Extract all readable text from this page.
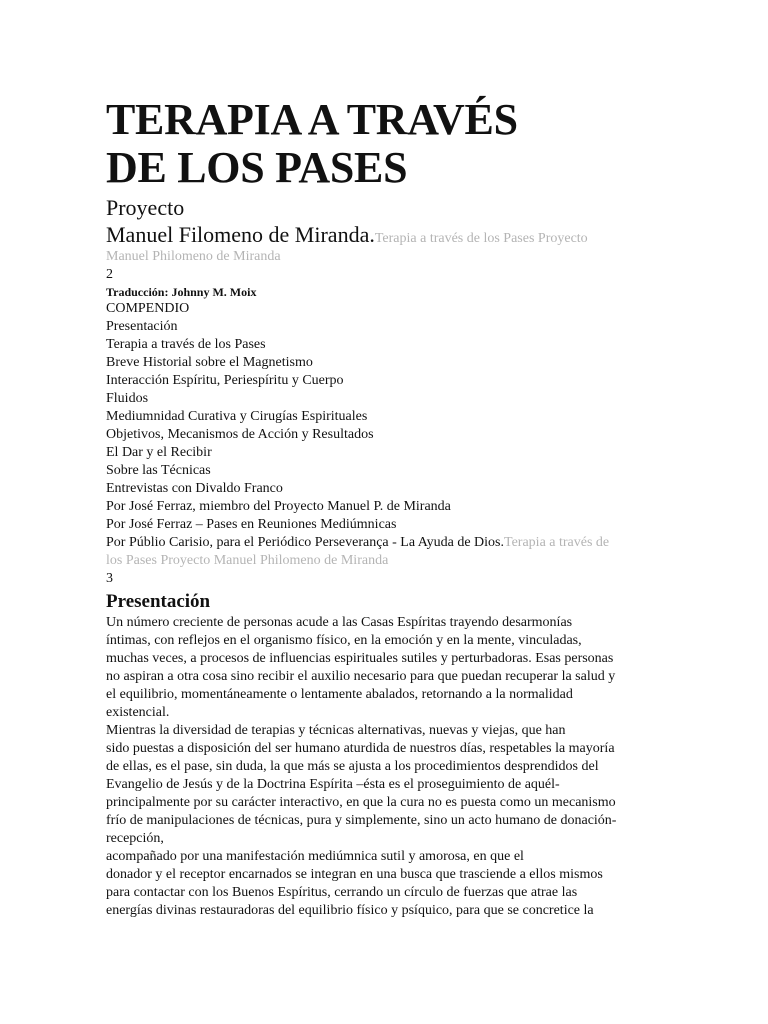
TERAPIA A TRAVÉS
DE LOS PASES
Proyecto
Manuel Filomeno de Miranda.Terapia a través de los Pases Proyecto
Manuel Philomeno de Miranda
2
Traducción: Johnny M. Moix
COMPENDIO
Presentación
Terapia a través de los Pases
Breve Historial sobre el Magnetismo
Interacción Espíritu, Periespíritu y Cuerpo
Fluidos
Mediumnidad Curativa y Cirugías Espirituales
Objetivos, Mecanismos de Acción y Resultados
El Dar y el Recibir
Sobre las Técnicas
Entrevistas con Divaldo Franco
Por José Ferraz, miembro del Proyecto Manuel P. de Miranda
Por José Ferraz – Pases en Reuniones Mediúmnicas
Por Públio Carisio, para el Periódico Perseverança - La Ayuda de Dios.Terapia a través de
los Pases Proyecto Manuel Philomeno de Miranda
3
Presentación
Un número creciente de personas acude a las Casas Espíritas trayendo desarmonías
íntimas, con reflejos en el organismo físico, en la emoción y en la mente, vinculadas,
muchas veces, a procesos de influencias espirituales sutiles y perturbadoras. Esas personas
no aspiran a otra cosa sino recibir el auxilio necesario para que puedan recuperar la salud y
el equilibrio, momentáneamente o lentamente abalados, retornando a la normalidad
existencial.
Mientras la diversidad de terapias y técnicas alternativas, nuevas y viejas, que han
sido puestas a disposición del ser humano aturdida de nuestros días, respetables la mayoría
de ellas, es el pase, sin duda, la que más se ajusta a los procedimientos desprendidos del
Evangelio de Jesús y de la Doctrina Espírita –ésta es el proseguimiento de aquél-
principalmente por su carácter interactivo, en que la cura no es puesta como un mecanismo
frío de manipulaciones de técnicas, pura y simplemente, sino un acto humano de donación-
recepción,
acompañado por una manifestación mediúmnica sutil y amorosa, en que el
donador y el receptor encarnados se integran en una busca que trasciende a ellos mismos
para contactar con los Buenos Espíritus, cerrando un círculo de fuerzas que atrae las
energías divinas restauradoras del equilibrio físico y psíquico, para que se concretice la
